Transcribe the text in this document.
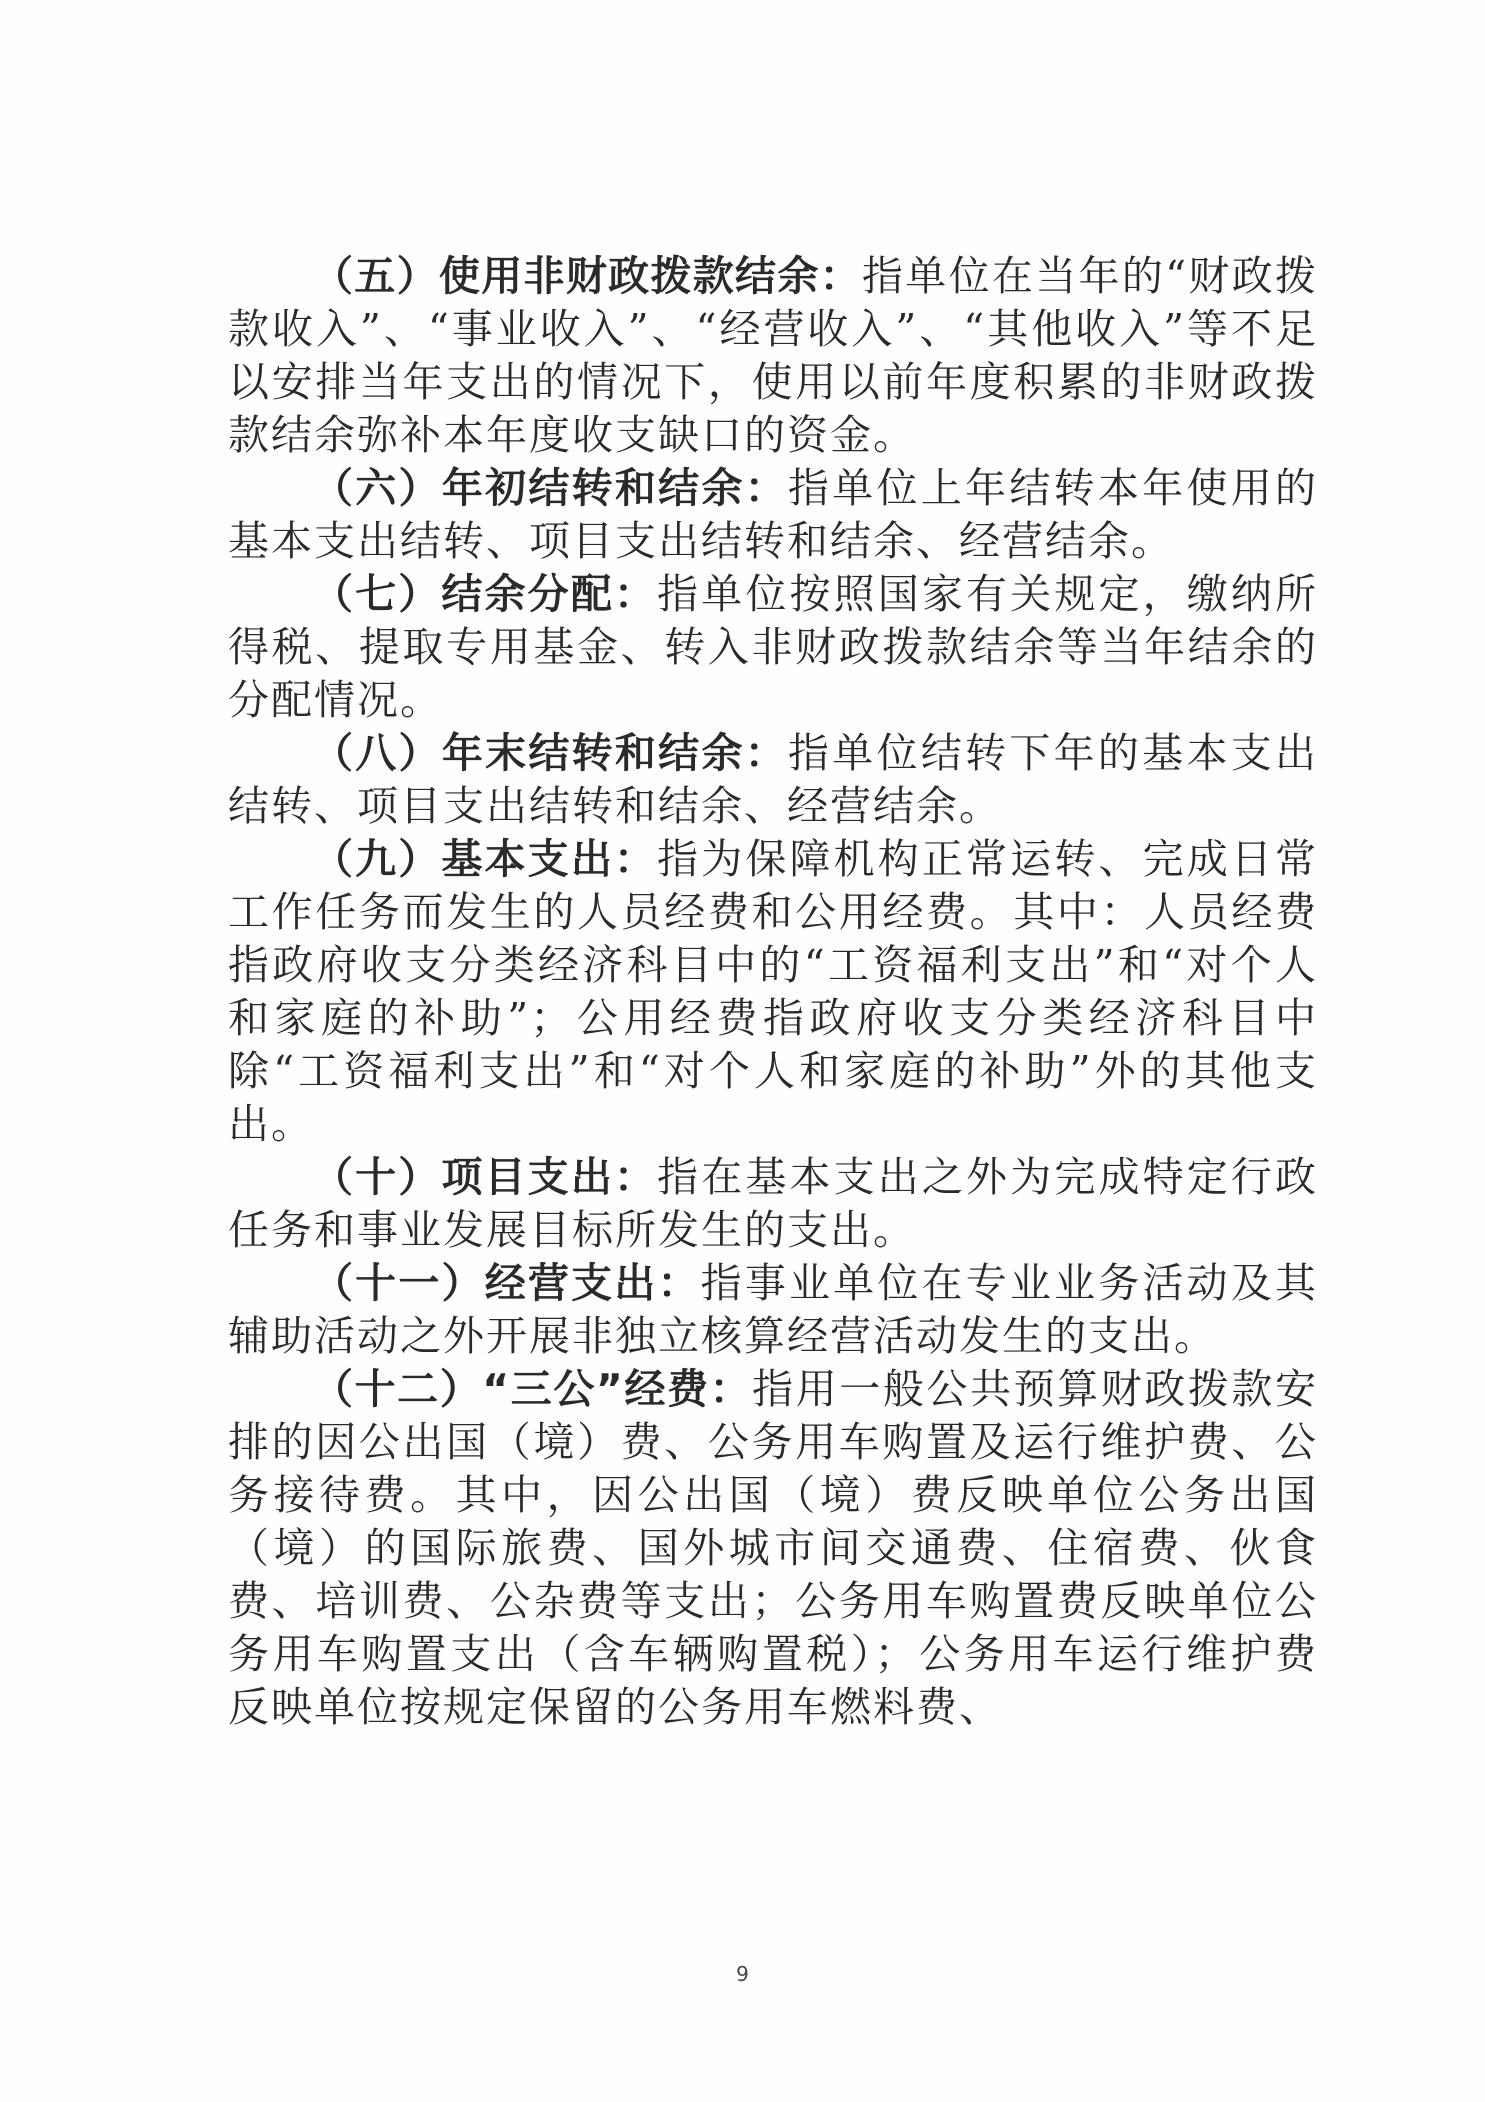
（五）使用非财政拨款结余：指单位在当年的“财政拨款收入”、“事业收入”、“经营收入”、“其他收入”等不足以安排当年支出的情况下，使用以前年度积累的非财政拨款结余弥补本年度收支缺口的资金。

（六）年初结转和结余：指单位上年结转本年使用的基本支出结转、项目支出结转和结余、经营结余。

（七）结余分配：指单位按照国家有关规定，缴纳所得税、提取专用基金、转入非财政拨款结余等当年结余的分配情况。

（八）年末结转和结余：指单位结转下年的基本支出结转、项目支出结转和结余、经营结余。

（九）基本支出：指为保障机构正常运转、完成日常工作任务而发生的人员经费和公用经费。其中：人员经费指政府收支分类经济科目中的“工资福利支出”和“对个人和家庭的补助”；公用经费指政府收支分类经济科目中除“工资福利支出”和“对个人和家庭的补助”外的其他支出。

（十）项目支出：指在基本支出之外为完成特定行政任务和事业发展目标所发生的支出。

（十一）经营支出：指事业单位在专业业务活动及其辅助活动之外开展非独立核算经营活动发生的支出。

（十二）“三公”经费：指用一般公共预算财政拨款安排的因公出国（境）费、公务用车购置及运行维护费、公务接待费。其中，因公出国（境）费反映单位公务出国（境）的国际旅费、国外城市间交通费、住宿费、伙食费、培训费、公杂费等支出；公务用车购置费反映单位公务用车购置支出（含车辆购置税）；公务用车运行维护费反映单位按规定保留的公务用车燃料费、

9
